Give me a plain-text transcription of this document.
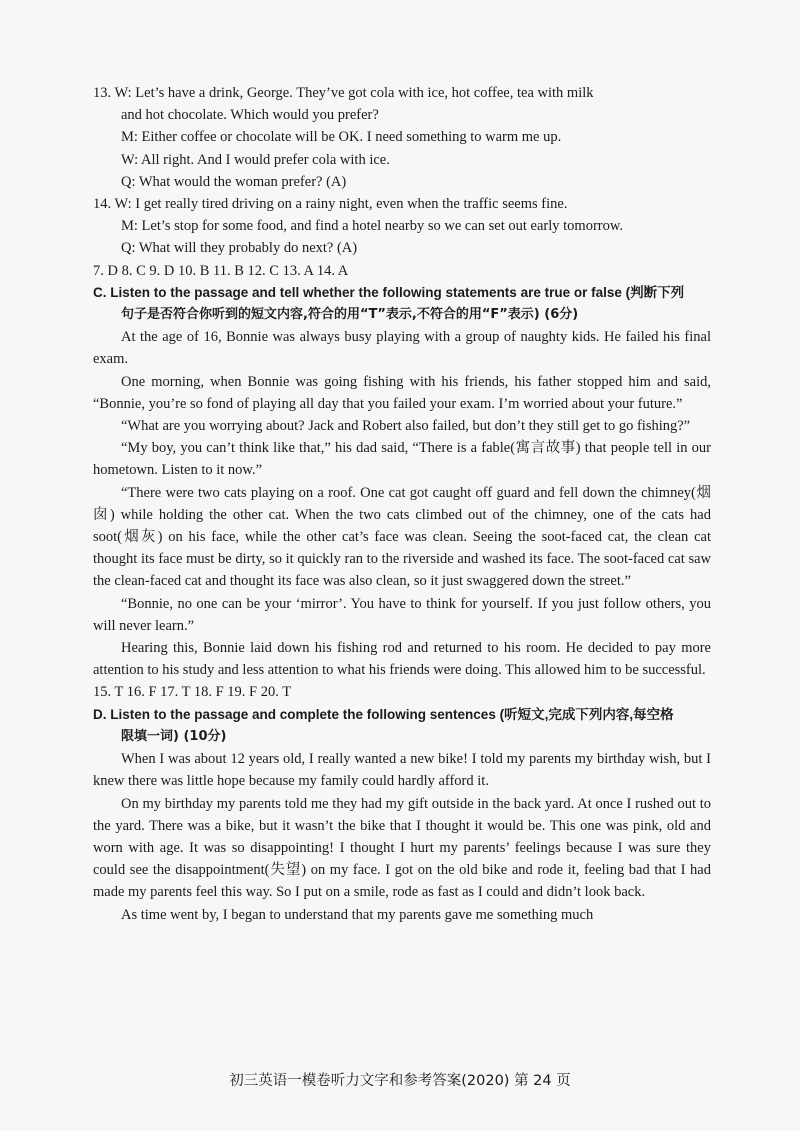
13. W: Let’s have a drink, George. They’ve got cola with ice, hot coffee, tea with milk

and hot chocolate. Which would you prefer?

M: Either coffee or chocolate will be OK. I need something to warm me up.

W: All right. And I would prefer cola with ice.

Q: What would the woman prefer? (A)

14. W: I get really tired driving on a rainy night, even when the traffic seems fine.

M: Let’s stop for some food, and find a hotel nearby so we can set out early tomorrow.

Q: What will they probably do next? (A)

7. D 8. C 9. D 10. B 11. B 12. C 13. A 14. A

C. Listen to the passage and tell whether the following statements are true or false (判断下列

句子是否符合你听到的短文内容,符合的用“T”表示,不符合的用“F”表示) (6分)

At the age of 16, Bonnie was always busy playing with a group of naughty kids. He failed his final exam.

One morning, when Bonnie was going fishing with his friends, his father stopped him and said, “Bonnie, you’re so fond of playing all day that you failed your exam. I’m worried about your future.”

“What are you worrying about? Jack and Robert also failed, but don’t they still get to go fishing?”

“My boy, you can’t think like that,” his dad said, “There is a fable(寓言故事) that people tell in our hometown. Listen to it now.”

“There were two cats playing on a roof. One cat got caught off guard and fell down the chimney(烟囱) while holding the other cat. When the two cats climbed out of the chimney, one of the cats had soot(烟灰) on his face, while the other cat’s face was clean. Seeing the soot-faced cat, the clean cat thought its face must be dirty, so it quickly ran to the riverside and washed its face. The soot-faced cat saw the clean-faced cat and thought its face was also clean, so it just swaggered down the street.”

“Bonnie, no one can be your ‘mirror’. You have to think for yourself. If you just follow others, you will never learn.”

Hearing this, Bonnie laid down his fishing rod and returned to his room. He decided to pay more attention to his study and less attention to what his friends were doing. This allowed him to be successful.

15. T 16. F 17. T 18. F 19. F 20. T

D. Listen to the passage and complete the following sentences (听短文,完成下列内容,每空格

限填一词) (10分)

When I was about 12 years old, I really wanted a new bike! I told my parents my birthday wish, but I knew there was little hope because my family could hardly afford it.

On my birthday my parents told me they had my gift outside in the back yard. At once I rushed out to the yard. There was a bike, but it wasn’t the bike that I thought it would be. This one was pink, old and worn with age. It was so disappointing! I thought I hurt my parents’ feelings because I was sure they could see the disappointment(失望) on my face. I got on the old bike and rode it, feeling bad that I had made my parents feel this way. So I put on a smile, rode as fast as I could and didn’t look back.

As time went by, I began to understand that my parents gave me something much

初三英语一模卷听力文字和参考答案(2020) 第 24 页
